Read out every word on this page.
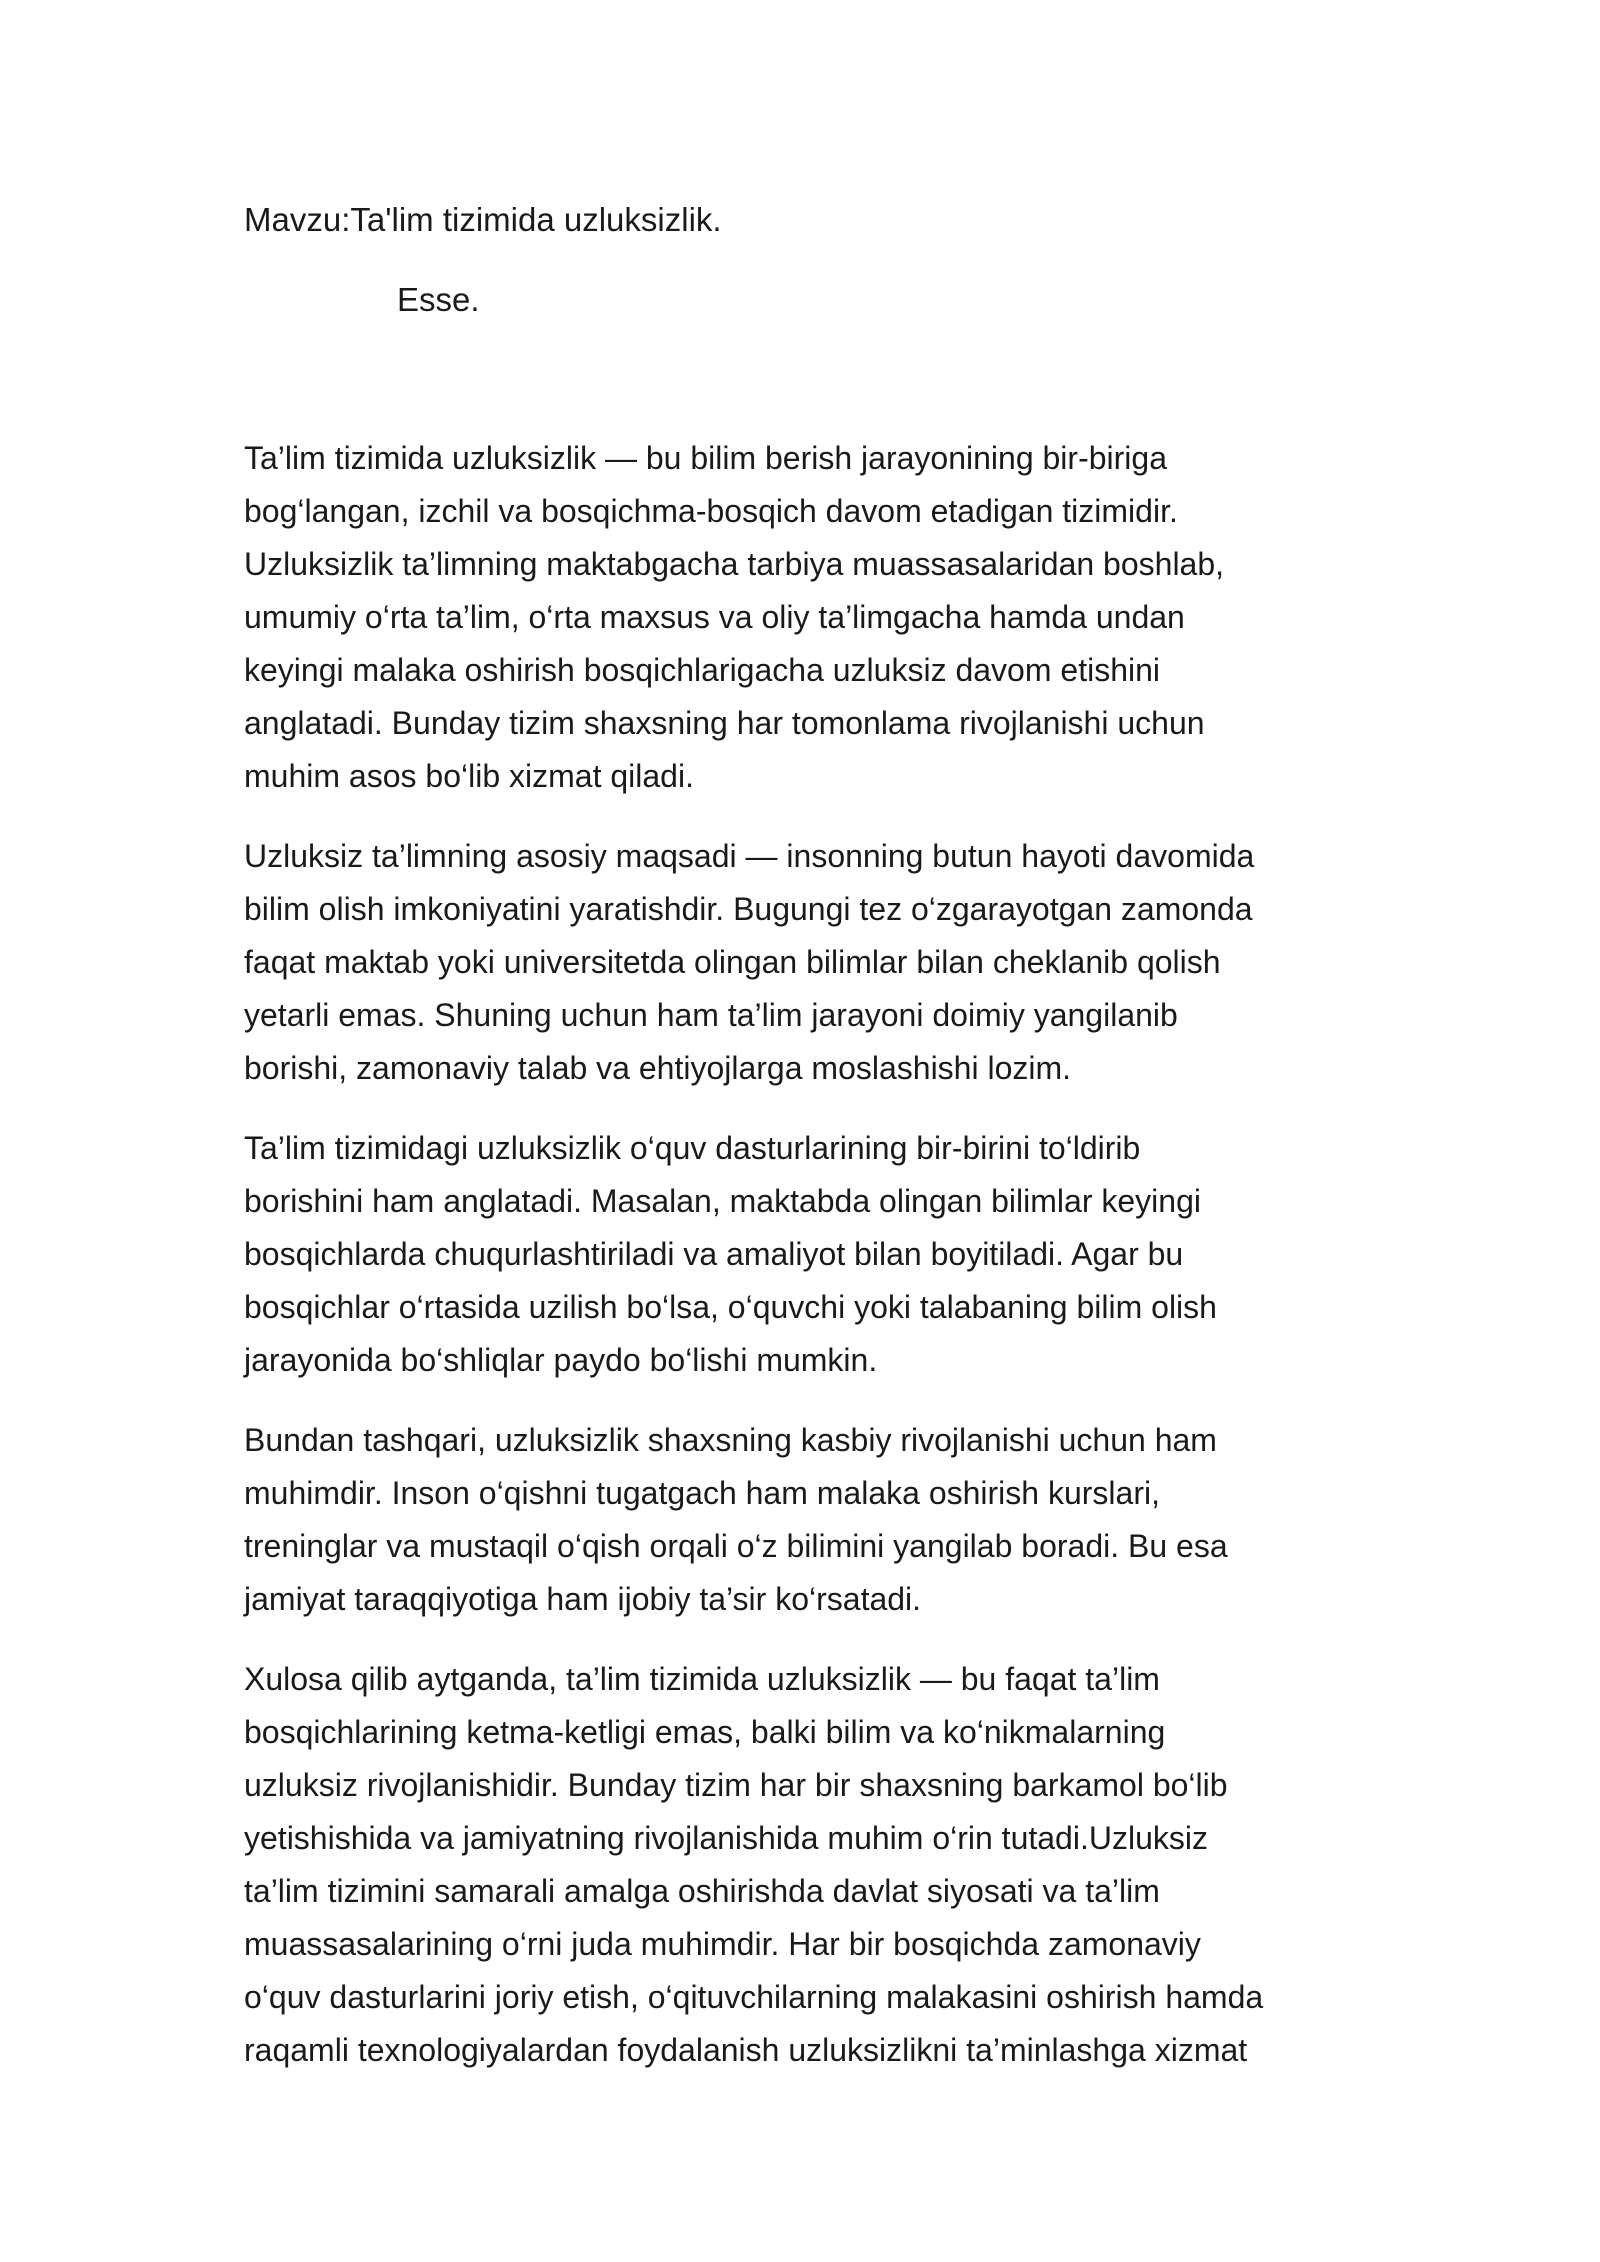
Mavzu:Ta'lim tizimida uzluksizlik.

Esse.

Ta’lim tizimida uzluksizlik — bu bilim berish jarayonining bir-biriga
bog‘langan, izchil va bosqichma-bosqich davom etadigan tizimidir.
Uzluksizlik ta’limning maktabgacha tarbiya muassasalaridan boshlab,
umumiy o‘rta ta’lim, o‘rta maxsus va oliy ta’limgacha hamda undan
keyingi malaka oshirish bosqichlarigacha uzluksiz davom etishini
anglatadi. Bunday tizim shaxsning har tomonlama rivojlanishi uchun
muhim asos bo‘lib xizmat qiladi.

Uzluksiz ta’limning asosiy maqsadi — insonning butun hayoti davomida
bilim olish imkoniyatini yaratishdir. Bugungi tez o‘zgarayotgan zamonda
faqat maktab yoki universitetda olingan bilimlar bilan cheklanib qolish
yetarli emas. Shuning uchun ham ta’lim jarayoni doimiy yangilanib
borishi, zamonaviy talab va ehtiyojlarga moslashishi lozim.

Ta’lim tizimidagi uzluksizlik o‘quv dasturlarining bir-birini to‘ldirib
borishini ham anglatadi. Masalan, maktabda olingan bilimlar keyingi
bosqichlarda chuqurlashtiriladi va amaliyot bilan boyitiladi. Agar bu
bosqichlar o‘rtasida uzilish bo‘lsa, o‘quvchi yoki talabaning bilim olish
jarayonida bo‘shliqlar paydo bo‘lishi mumkin.

Bundan tashqari, uzluksizlik shaxsning kasbiy rivojlanishi uchun ham
muhimdir. Inson o‘qishni tugatgach ham malaka oshirish kurslari,
treninglar va mustaqil o‘qish orqali o‘z bilimini yangilab boradi. Bu esa
jamiyat taraqqiyotiga ham ijobiy ta’sir ko‘rsatadi.

Xulosa qilib aytganda, ta’lim tizimida uzluksizlik — bu faqat ta’lim
bosqichlarining ketma-ketligi emas, balki bilim va ko‘nikmalarning
uzluksiz rivojlanishidir. Bunday tizim har bir shaxsning barkamol bo‘lib
yetishishida va jamiyatning rivojlanishida muhim o‘rin tutadi.Uzluksiz
ta’lim tizimini samarali amalga oshirishda davlat siyosati va ta’lim
muassasalarining o‘rni juda muhimdir. Har bir bosqichda zamonaviy
o‘quv dasturlarini joriy etish, o‘qituvchilarning malakasini oshirish hamda
raqamli texnologiyalardan foydalanish uzluksizlikni ta’minlashga xizmat
